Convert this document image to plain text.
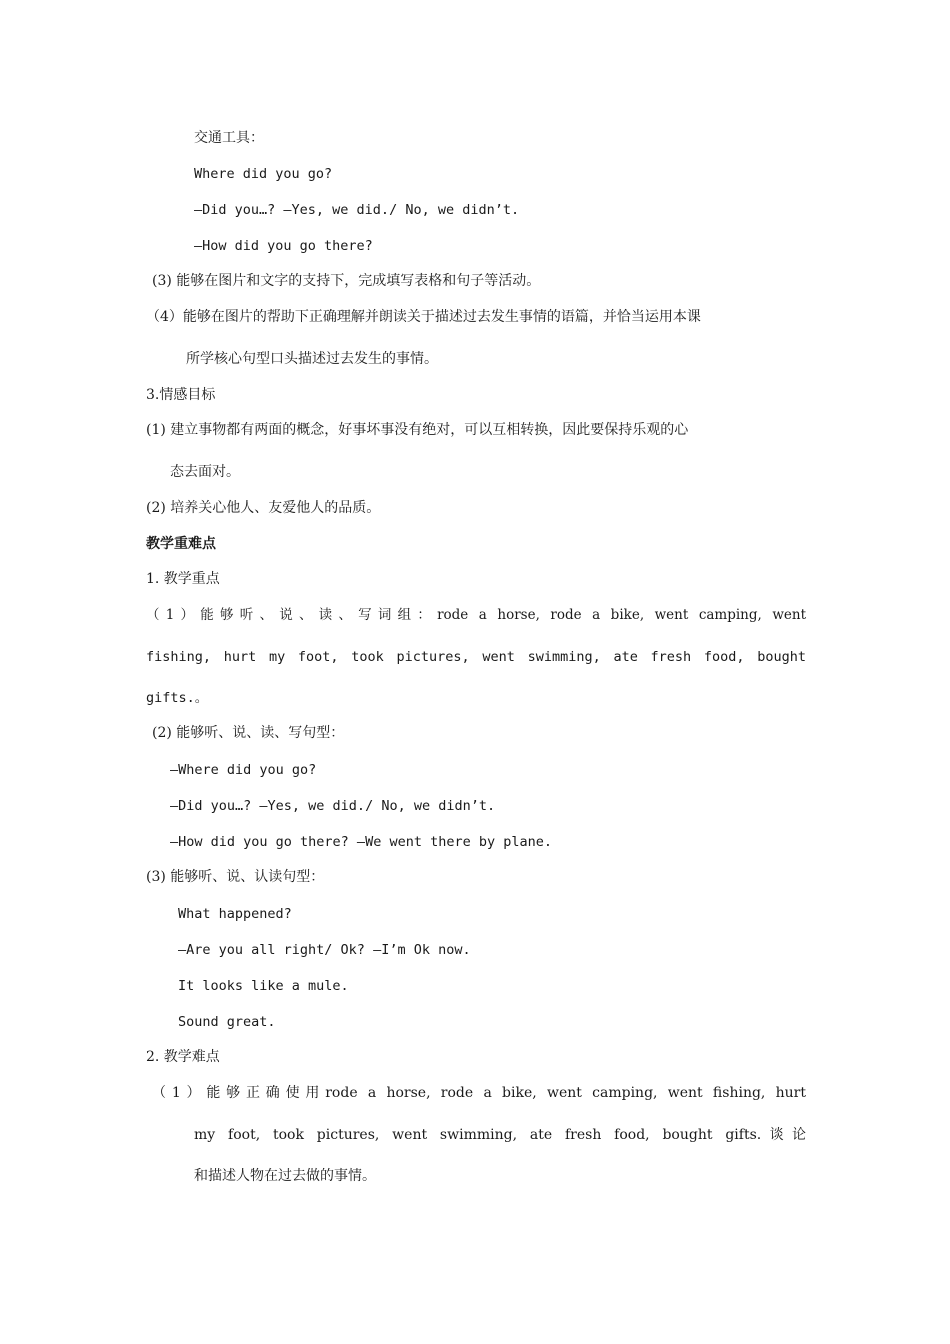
交通工具：
Where did you go?
—Did you…? —Yes, we did./ No, we didn’t.
—How did you go there?
(3) 能够在图片和文字的支持下，完成填写表格和句子等活动。
（4）能够在图片的帮助下正确理解并朗读关于描述过去发生事情的语篇，并恰当运用本课
所学核心句型口头描述过去发生的事情。
3.情感目标
(1) 建立事物都有两面的概念，好事坏事没有绝对，可以互相转换，因此要保持乐观的心
态去面对。
(2) 培养关心他人、友爱他人的品质。
教学重难点
1. 教学重点
（1）能够听、说、读、写词组：rode a horse, rode a bike, went camping, went
fishing, hurt my foot, took pictures, went swimming, ate fresh food, bought
gifts.。
(2) 能够听、说、读、写句型：
—Where did you go?
—Did you…? —Yes, we did./ No, we didn’t.
—How did you go there? —We went there by plane.
(3) 能够听、说、认读句型：
What happened?
—Are you all right/ Ok? —I’m Ok now.
It looks like a mule.
Sound great.
2. 教学难点
（1）能够正确使用rode a horse, rode a bike, went camping, went fishing, hurt
my foot, took pictures, went swimming, ate fresh food, bought gifts.谈论
和描述人物在过去做的事情。
